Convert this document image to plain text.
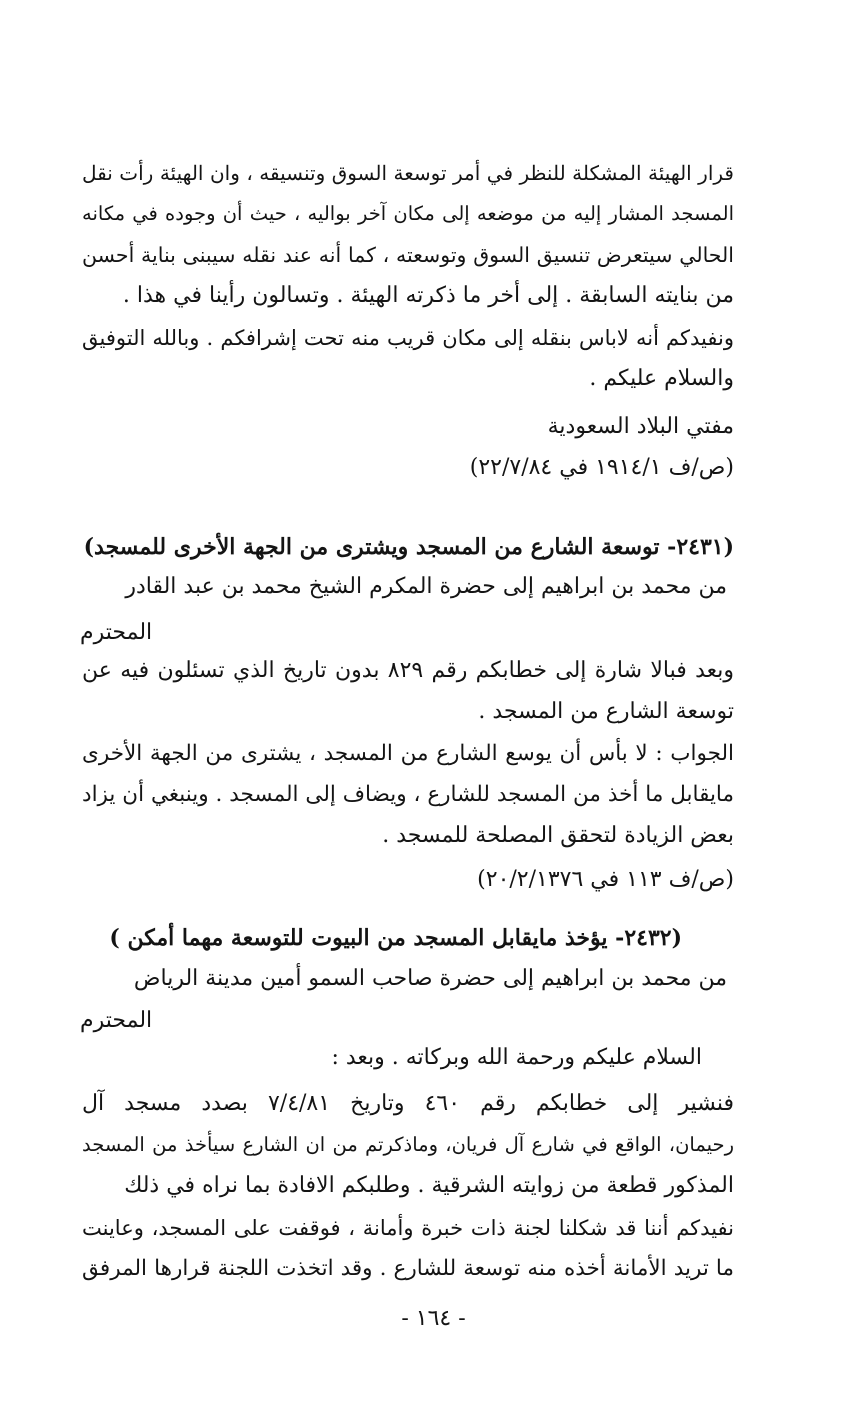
قرار الهيئة المشكلة للنظر في أمر توسعة السوق وتنسيقه ، وان الهيئة رأت نقل
المسجد المشار إليه من موضعه إلى مكان آخر بواليه ، حيث أن وجوده في مكانه
الحالي سيتعرض تنسيق السوق وتوسعته ، كما أنه عند نقله سيبنى بناية أحسن
من بنايته السابقة . إلى أخر ما ذكرته الهيئة . وتسالون رأينا في هذا .
ونفيدكم أنه لاباس بنقله إلى مكان قريب منه تحت إشرافكم . وبالله التوفيق
والسلام عليكم .
مفتي البلاد السعودية
(ص/ف ١٩١٤/١ في ٢٢/٧/٨٤)
(٢٤٣١- توسعة الشارع من المسجد ويشترى من الجهة الأخرى للمسجد)
من محمد بن ابراهيم إلى حضرة المكرم الشيخ محمد بن عبد القادر
المحترم
وبعد فبالا شارة إلى خطابكم رقم ٨٢٩ بدون تاريخ الذي تسئلون فيه عن
توسعة الشارع من المسجد .
الجواب : لا بأس أن يوسع الشارع من المسجد ، يشترى من الجهة الأخرى
مايقابل ما أخذ من المسجد للشارع ، ويضاف إلى المسجد . وينبغي أن يزاد
بعض الزيادة لتحقق المصلحة للمسجد .
(ص/ف ١١٣ في ٢٠/٢/١٣٧٦)
(٢٤٣٢- يؤخذ مايقابل المسجد من البيوت للتوسعة مهما أمكن )
من محمد بن ابراهيم إلى حضرة صاحب السمو أمين مدينة الرياض
المحترم
السلام عليكم ورحمة الله وبركاته . وبعد :
فنشير إلى خطابكم رقم ٤٦٠ وتاريخ ٧/٤/٨١ بصدد مسجد آل
رحيمان، الواقع في شارع آل فريان، وماذكرتم من ان الشارع سيأخذ من المسجد
المذكور قطعة من زوايته الشرقية . وطلبكم الافادة بما نراه في ذلك
نفيدكم أننا قد شكلنا لجنة ذات خبرة وأمانة ، فوقفت على المسجد، وعاينت
ما تريد الأمانة أخذه منه توسعة للشارع . وقد اتخذت اللجنة قرارها المرفق
- ١٦٤ -
